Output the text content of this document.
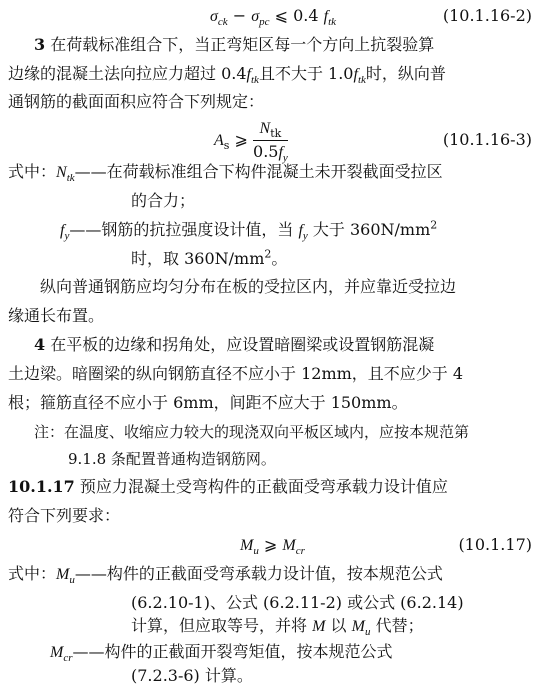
$\sigma_{ck} - \sigma_{pc}$ ⩽ 0.4 $f_{tk}$	(10.1.16-2)
3 在荷载标准组合下，当正弯矩区每一个方向上抗裂验算
边缘的混凝土法向拉应力超过 $0.4f_{tk}$且不大于 $1.0f_{tk}$时，纵向普
通钢筋的截面面积应符合下列规定：
$A_s$ ⩾ $\frac{N_{tk}}{0.5f_y}$	(10.1.16-3)
式中：$N_{tk}——$在荷载标准组合下构件混凝土未开裂截面受拉区
的合力；
$f_y——$钢筋的抗拉强度设计值，当 $f_y$ 大于 $360N/mm^2$
时，取 $360N/mm^2$。
纵向普通钢筋应均匀分布在板的受拉区内，并应靠近受拉边
缘通长布置。
4 在平板的边缘和拐角处，应设置暗圈梁或设置钢筋混凝
土边梁。暗圈梁的纵向钢筋直径不应小于 12mm，且不应少于 4
根；箍筋直径不应小于 6mm，间距不应大于 150mm。
注：在温度、收缩应力较大的现浇双向平板区域内，应按本规范第
9.1.8 条配置普通构造钢筋网。
10.1.17 预应力混凝土受弯构件的正截面受弯承载力设计值应
符合下列要求：
$M_u$ ⩾ $M_{cr}$	(10.1.17)
式中：$M_u——$构件的正截面受弯承载力设计值，按本规范公式
(6.2.10-1)、公式 (6.2.11-2) 或公式 (6.2.14)
计算，但应取等号，并将 M 以 $M_u$ 代替；
$M_{cr}——$构件的正截面开裂弯矩值，按本规范公式
(7.2.3-6) 计算。
